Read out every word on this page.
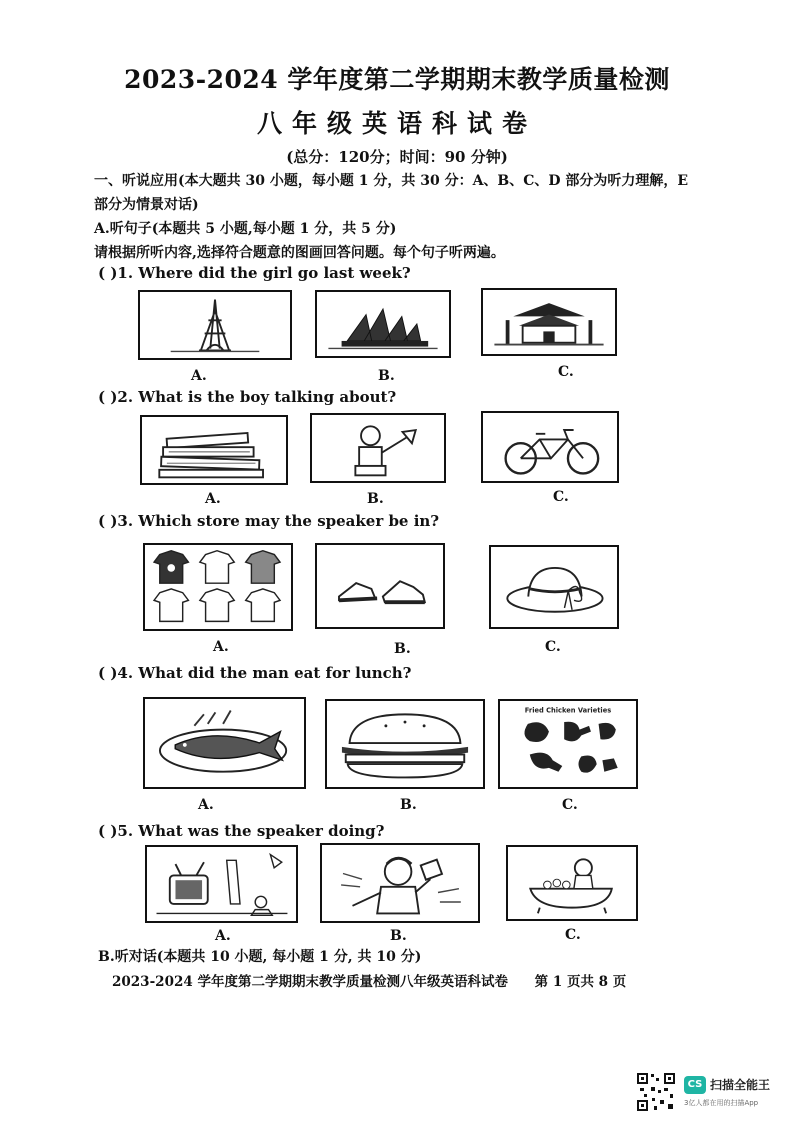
2023-2024 学年度第二学期期末教学质量检测
八年级英语科试卷
(总分：120分；时间：90 分钟)
一、听说应用(本大题共 30 小题，每小题 1 分，共 30 分：A、B、C、D 部分为听力理解，E
部分为情景对话)
A.听句子(本题共 5 小题,每小题 1 分，共 5 分)
请根据所听内容,选择符合题意的图画回答问题。每个句子听两遍。
( )1. Where did the girl go last week?
A.	B.	C.
( )2. What is the boy talking about?
A.	B.	C.
( )3. Which store may the speaker be in?
A.	B.	C.
( )4. What did the man eat for lunch?
Fried Chicken Varieties
A.	B.	C.
( )5. What was the speaker doing?
A.	B.	C.
B.听对话(本题共 10 小题, 每小题 1 分, 共 10 分)
2023-2024 学年度第二学期期末教学质量检测八年级英语科试卷 第 1 页共 8 页
CS 扫描全能王
3亿人都在用的扫描App
